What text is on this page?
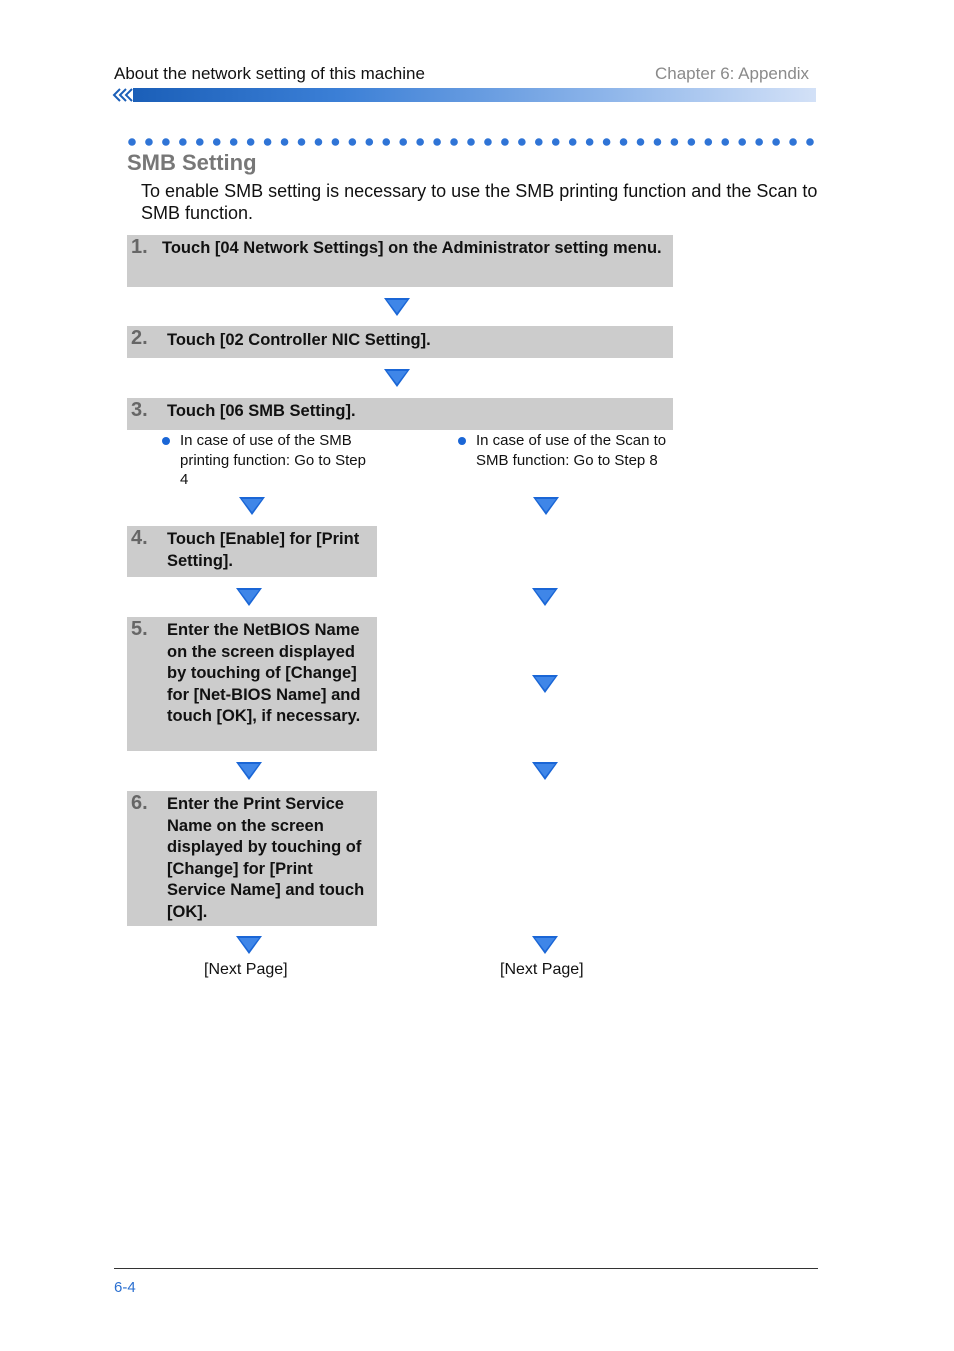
About the network setting of this machine	Chapter 6: Appendix
SMB Setting
To enable SMB setting is necessary to use the SMB printing function and the Scan to SMB function.
1. Touch [04 Network Settings] on the Administrator setting menu.
2. Touch [02 Controller NIC Setting].
3. Touch [06 SMB Setting].
In case of use of the SMB printing function: Go to Step 4
In case of use of the Scan to SMB function: Go to Step 8
4. Touch [Enable] for [Print Setting].
5. Enter the NetBIOS Name on the screen displayed by touching of [Change] for [Net-BIOS Name] and touch [OK], if necessary.
6. Enter the Print Service Name on the screen displayed by touching of [Change] for [Print Service Name] and touch [OK].
[Next Page]	[Next Page]
6-4
